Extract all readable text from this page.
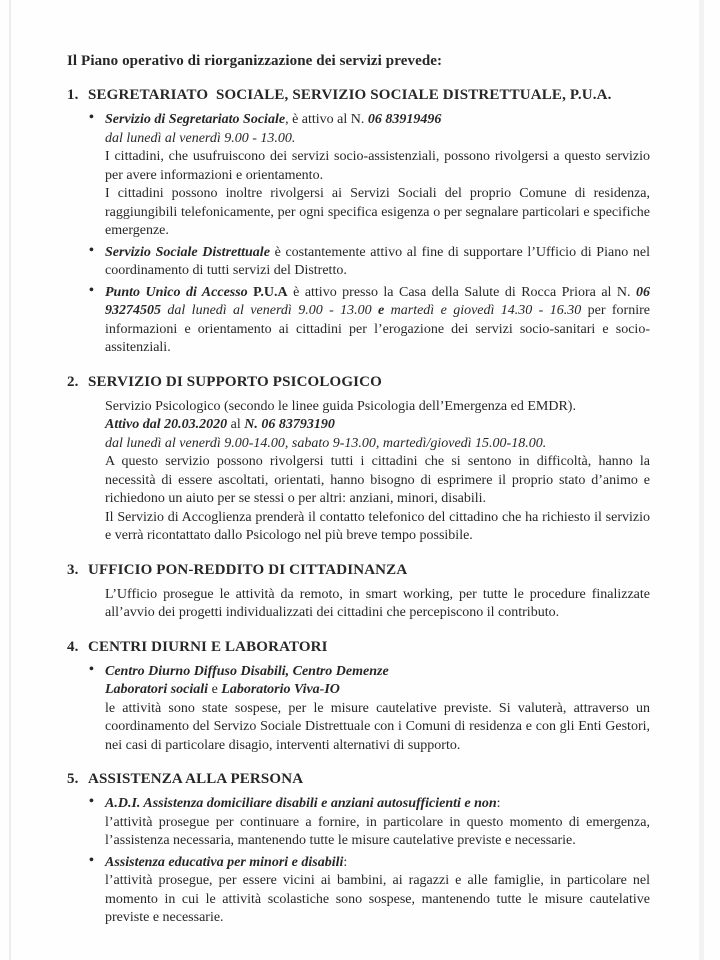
Il Piano operativo di riorganizzazione dei servizi prevede:
1. SEGRETARIATO  SOCIALE, SERVIZIO SOCIALE DISTRETTUALE, P.U.A.
• Servizio di Segretariato Sociale, è attivo al N. 06 83919496

dal lunedì al venerdì 9.00 - 13.00.

I cittadini, che usufruiscono dei servizi socio-assistenziali, possono rivolgersi a questo servizio per avere informazioni e orientamento.

I cittadini possono inoltre rivolgersi ai Servizi Sociali del proprio Comune di residenza, raggiungibili telefonicamente, per ogni specifica esigenza o per segnalare particolari e specifiche emergenze.

• Servizio Sociale Distrettuale è costantemente attivo al fine di supportare l’Ufficio di Piano nel coordinamento di tutti servizi del Distretto.

• Punto Unico di Accesso P.U.A è attivo presso la Casa della Salute di Rocca Priora al N. 06 93274505 dal lunedì al venerdì 9.00 - 13.00 e martedì e giovedì 14.30 - 16.30 per fornire informazioni e orientamento ai cittadini per l’erogazione dei servizi socio-sanitari e socio-assitenziali.

2. SERVIZIO DI SUPPORTO PSICOLOGICO

Servizio Psicologico (secondo le linee guida Psicologia dell’Emergenza ed EMDR).

Attivo dal 20.03.2020 al N. 06 83793190

dal lunedì al venerdì 9.00-14.00, sabato 9-13.00, martedì/giovedì 15.00-18.00.

A questo servizio possono rivolgersi tutti i cittadini che si sentono in difficoltà, hanno la necessità di essere ascoltati, orientati, hanno bisogno di esprimere il proprio stato d’animo e richiedono un aiuto per se stessi o per altri: anziani, minori, disabili.

Il Servizio di Accoglienza prenderà il contatto telefonico del cittadino che ha richiesto il servizio e verrà ricontattato dallo Psicologo nel più breve tempo possibile.

3. UFFICIO PON-REDDITO DI CITTADINANZA

L’Ufficio prosegue le attività da remoto, in smart working, per tutte le procedure finalizzate all’avvio dei progetti individualizzati dei cittadini che percepiscono il contributo.

4. CENTRI DIURNI E LABORATORI
• Centro Diurno Diffuso Disabili, Centro Demenze

Laboratori sociali e Laboratorio Viva-IO

le attività sono state sospese, per le misure cautelative previste. Si valuterà, attraverso un coordinamento del Servizo Sociale Distrettuale con i Comuni di residenza e con gli Enti Gestori, nei casi di particolare disagio, interventi alternativi di supporto.

5. ASSISTENZA ALLA PERSONA
• A.D.I. Assistenza domiciliare disabili e anziani autosufficienti e non:

l’attività prosegue per continuare a fornire, in particolare in questo momento di emergenza, l’assistenza necessaria, mantenendo tutte le misure cautelative previste e necessarie.

• Assistenza educativa per minori e disabili:

l’attività prosegue, per essere vicini ai bambini, ai ragazzi e alle famiglie, in particolare nel momento in cui le attività scolastiche sono sospese, mantenendo tutte le misure cautelative previste e necessarie.
